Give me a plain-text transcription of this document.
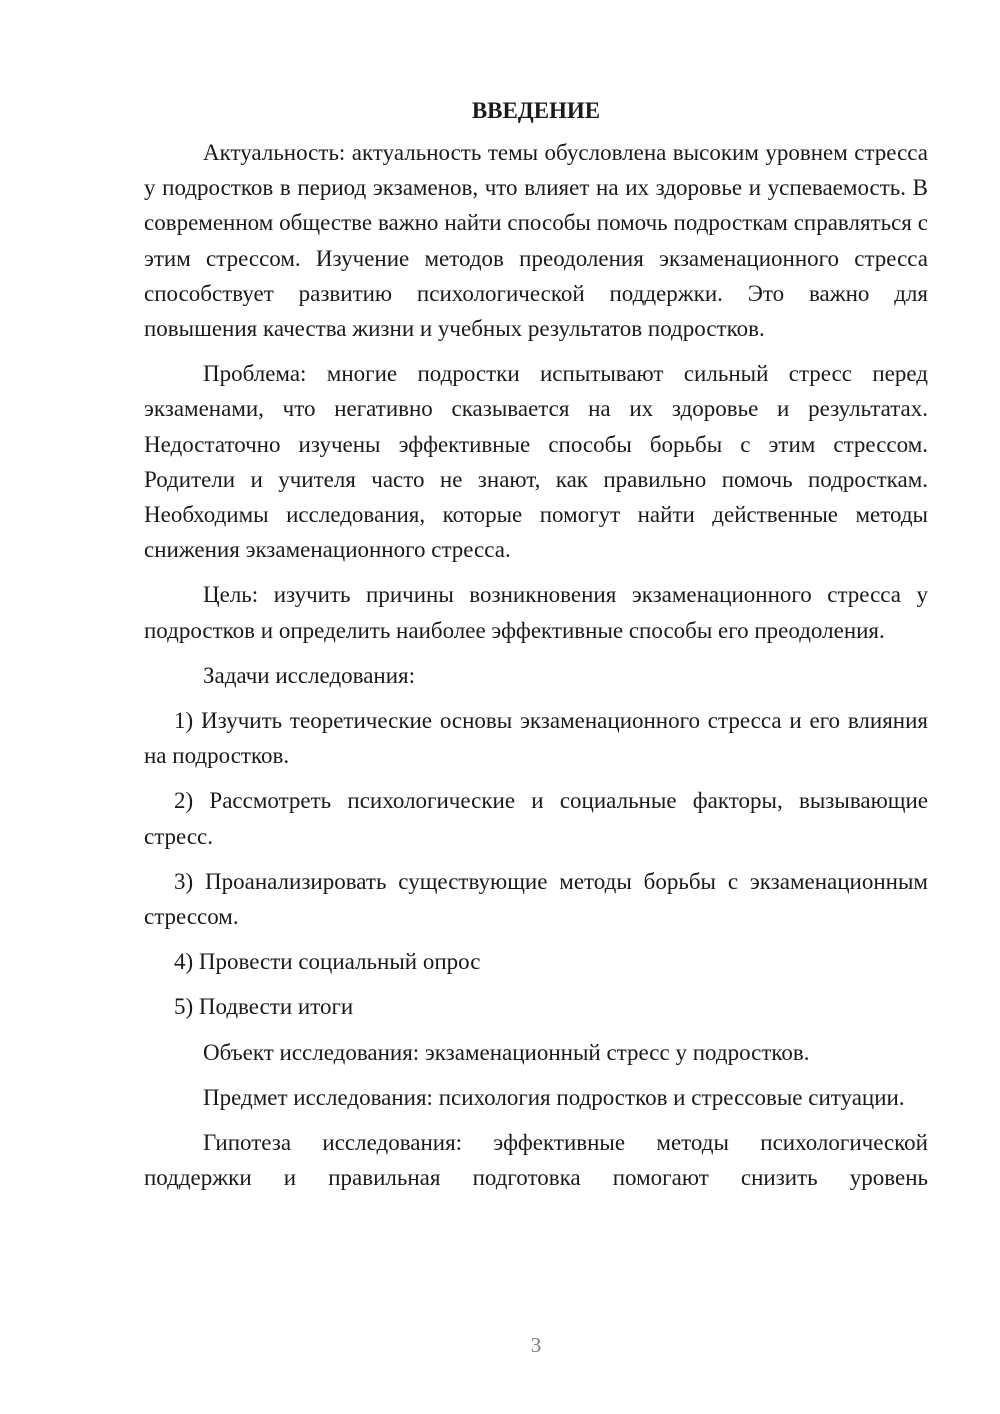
ВВЕДЕНИЕ

Актуальность: актуальность темы обусловлена высоким уровнем стресса у подростков в период экзаменов, что влияет на их здоровье и успеваемость. В современном обществе важно найти способы помочь подросткам справляться с этим стрессом. Изучение методов преодоления экзаменационного стресса способствует развитию психологической поддержки. Это важно для повышения качества жизни и учебных результатов подростков.

Проблема: многие подростки испытывают сильный стресс перед экзаменами, что негативно сказывается на их здоровье и результатах. Недостаточно изучены эффективные способы борьбы с этим стрессом. Родители и учителя часто не знают, как правильно помочь подросткам. Необходимы исследования, которые помогут найти действенные методы снижения экзаменационного стресса.

Цель: изучить причины возникновения экзаменационного стресса у подростков и определить наиболее эффективные способы его преодоления.

Задачи исследования:

1) Изучить теоретические основы экзаменационного стресса и его влияния на подростков.

2) Рассмотреть психологические и социальные факторы, вызывающие стресс.

3) Проанализировать существующие методы борьбы с экзаменационным стрессом.

4) Провести социальный опрос

5) Подвести итоги

Объект исследования: экзаменационный стресс у подростков.

Предмет исследования: психология подростков и стрессовые ситуации.

Гипотеза исследования: эффективные методы психологической поддержки и правильная подготовка помогают снизить уровень

3
